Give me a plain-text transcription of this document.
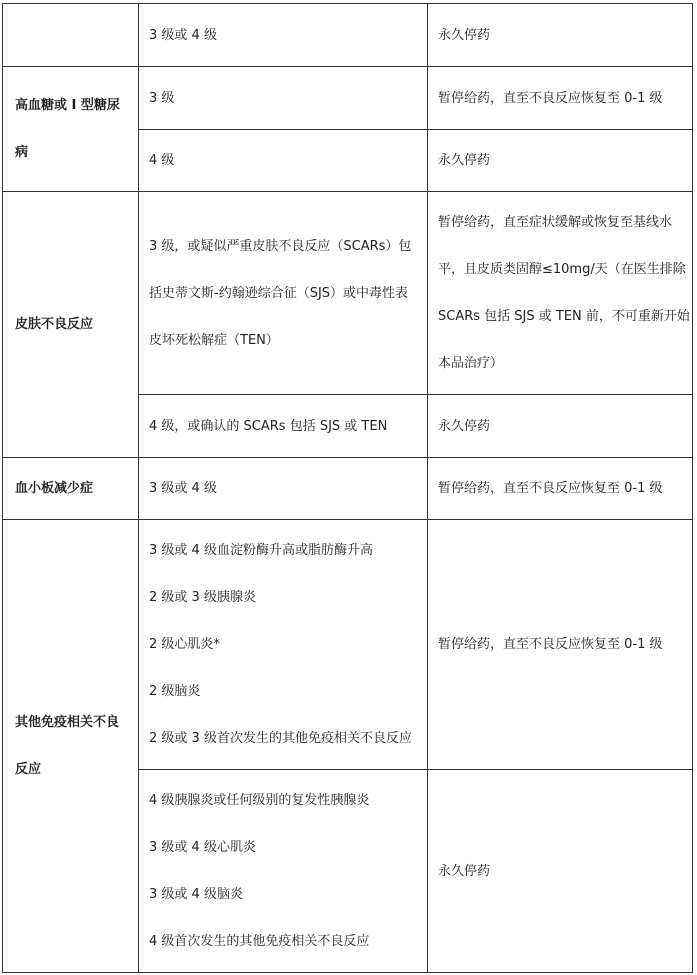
	3 级或 4 级	永久停药

高血糖或 I 型糖尿
病	3 级	暂停给药，直至不良反应恢复至 0-1 级
	4 级	永久停药
皮肤不良反应	3 级，或疑似严重皮肤不良反应（SCARs）包
括史蒂文斯-约翰逊综合征（SJS）或中毒性表
皮坏死松解症（TEN）	暂停给药，直至症状缓解或恢复至基线水
平，且皮质类固醇≤10mg/天（在医生排除
SCARs 包括 SJS 或 TEN 前，不可重新开始
本品治疗）

	4 级，或确认的 SCARs 包括 SJS 或 TEN	永久停药
血小板减少症	3 级或 4 级	暂停给药，直至不良反应恢复至 0-1 级

其他免疫相关不良
反应	3 级或 4 级血淀粉酶升高或脂肪酶升高
2 级或 3 级胰腺炎
2 级心肌炎*
2 级脑炎
2 级或 3 级首次发生的其他免疫相关不良反应	暂停给药，直至不良反应恢复至 0-1 级

	4 级胰腺炎或任何级别的复发性胰腺炎
3 级或 4 级心肌炎
3 级或 4 级脑炎
4 级首次发生的其他免疫相关不良反应	永久停药
